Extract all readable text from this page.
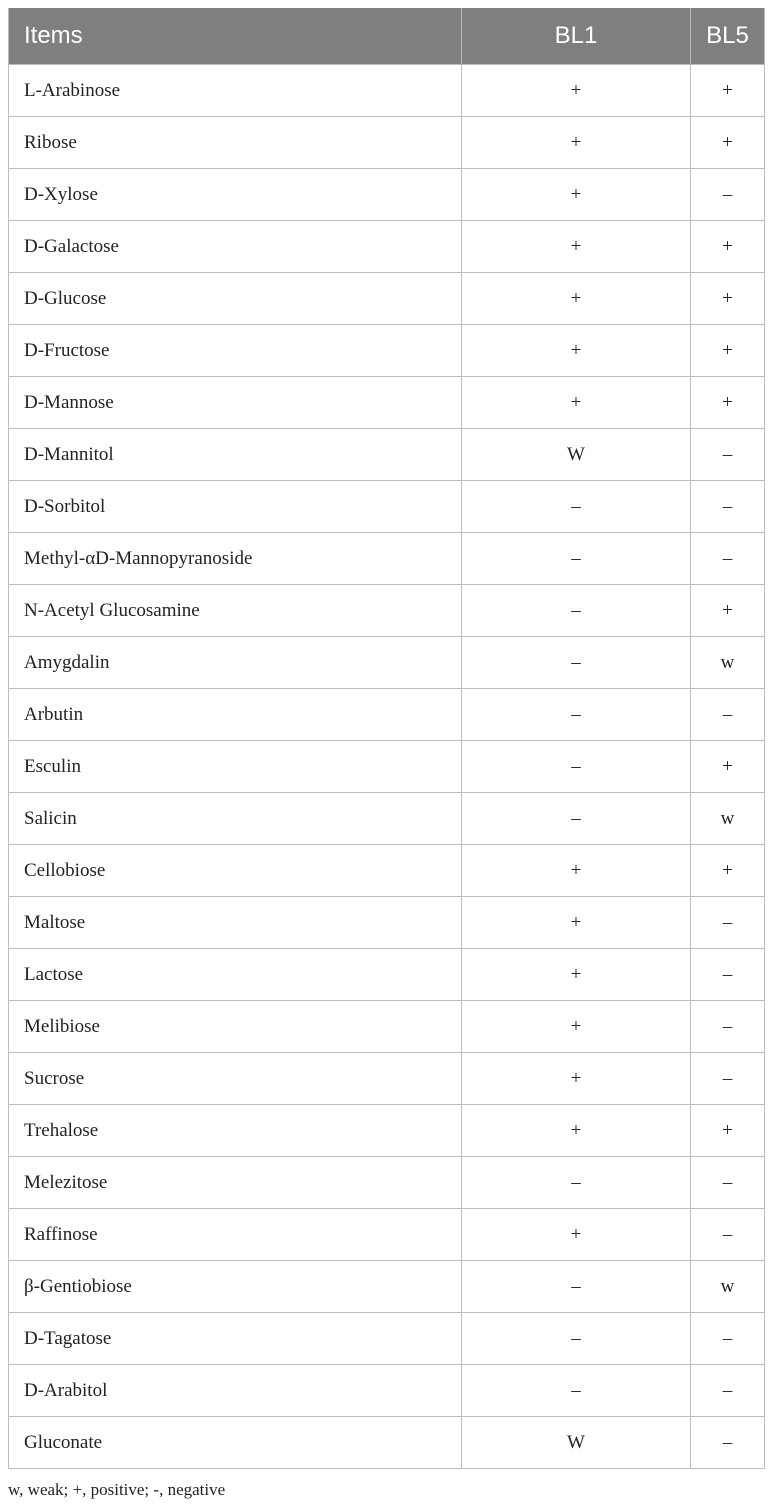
Items	BL1	BL5
L-Arabinose	+	+
Ribose	+	+
D-Xylose	+	–
D-Galactose	+	+
D-Glucose	+	+
D-Fructose	+	+
D-Mannose	+	+
D-Mannitol	W	–
D-Sorbitol	–	–
Methyl-αD-Mannopyranoside	–	–
N-Acetyl Glucosamine	–	+
Amygdalin	–	w
Arbutin	–	–
Esculin	–	+
Salicin	–	w
Cellobiose	+	+
Maltose	+	–
Lactose	+	–
Melibiose	+	–
Sucrose	+	–
Trehalose	+	+
Melezitose	–	–
Raffinose	+	–
β-Gentiobiose	–	w
D-Tagatose	–	–
D-Arabitol	–	–
Gluconate	W	–
w, weak; +, positive; -, negative
